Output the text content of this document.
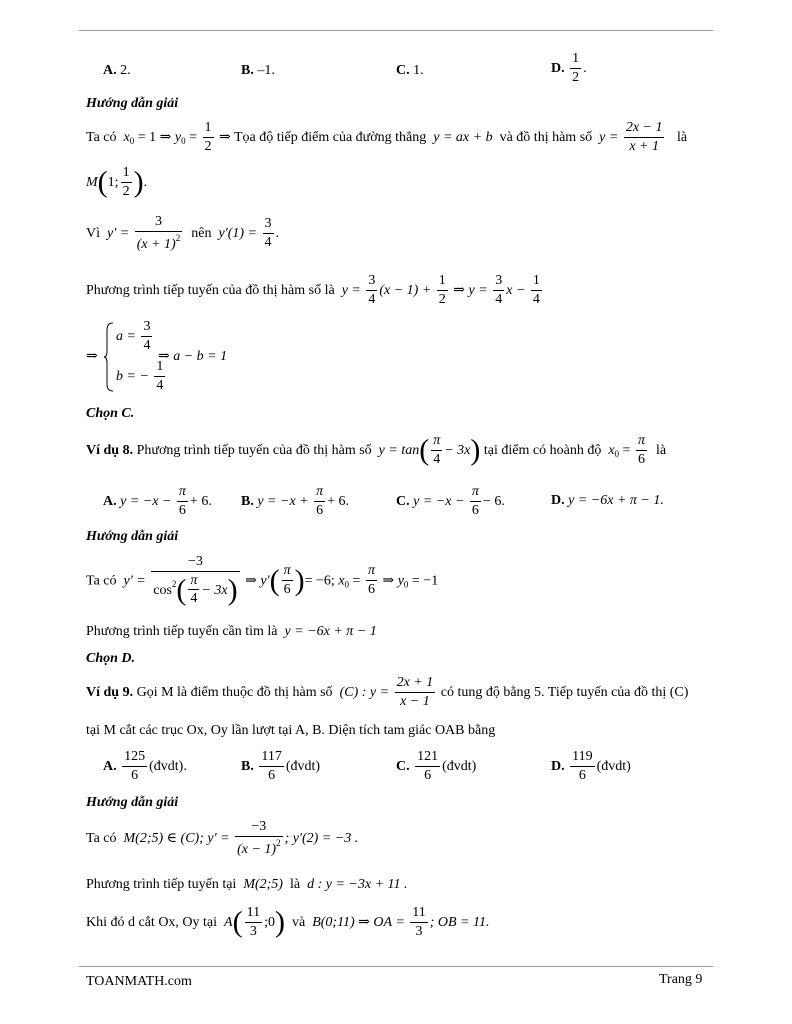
A. 2.	B. –1.	C. 1.	D. $\frac{1}{2}$ .
Hướng dẫn giải
Ta có $x_0 = 1$ ⇒ $y_0 = \frac{1}{2}$ ⇒ Tọa độ tiếp điểm của đường thẳng y = ax + b và đồ thị hàm số $y = \frac{2x - 1}{x + 1}$ là
M(1; $\frac{1}{2}$ ).
Vì $y' = \frac{3}{(x + 1)^2}$ nên $y'(1) = \frac{3}{4}$ .
Phương trình tiếp tuyến của đồ thị hàm số là $y = \frac{3}{4} (x - 1) + \frac{1}{2}$ ⇒ $y = \frac{3}{4}$ $x - \frac{1}{4}$
⇒
$a = \frac{3}{4}$
b = − $\frac{1}{4}$
⇒ a − b = 1
Chọn C.
Ví dụ 8. Phương trình tiếp tuyến của đồ thị hàm số $y = \tan( \frac{\pi}{4} - 3x)$ tại điểm có hoành độ $x_0 = \frac{\pi}{6}$ là
A. $y = -x - \frac{\pi}{6} + 6$. B. $y = -x + \frac{\pi}{6} + 6$.	C. $y = -x - \frac{\pi}{6} - 6$.	D. y = −6x + π − 1.
Hướng dẫn giải
Ta có $y' = \frac{-3}{\cos^2( \frac{\pi}{4} - 3x)}$ ⇒ $y'( \frac{\pi}{6}$ )= −6; $x_0 = \frac{\pi}{6}$ ⇒ $y_0 = -1$
Phương trình tiếp tuyến cần tìm là y = −6x + π − 1
Chọn D.
Ví dụ 9. Gọi M là điểm thuộc đồ thị hàm số (C) : $y = \frac{2x + 1}{x - 1}$ có tung độ bằng 5. Tiếp tuyến của đồ thị (C)
tại M cắt các trục Ox, Oy lần lượt tại A, B. Diện tích tam giác OAB bằng
A. $\frac{125}{6}$ (đvdt).	B. $\frac{117}{6}$ (đvdt)	C. $\frac{121}{6}$ (đvdt)	D. $\frac{119}{6}$ (đvdt)
Hướng dẫn giải
Ta có M(2;5) ∈ (C); $y' = \frac{-3}{(x - 1)^2}$ ; y′(2) = −3 .
Phương trình tiếp tuyến tại M(2;5) là d : y = −3x + 11 .
Khi đó d cắt Ox, Oy tại $A( \frac{11}{3}$ ;0) và B(0;11) ⇒ OA = $\frac{11}{3}$ ; OB = 11.
TOANMATH.com	Trang 9
